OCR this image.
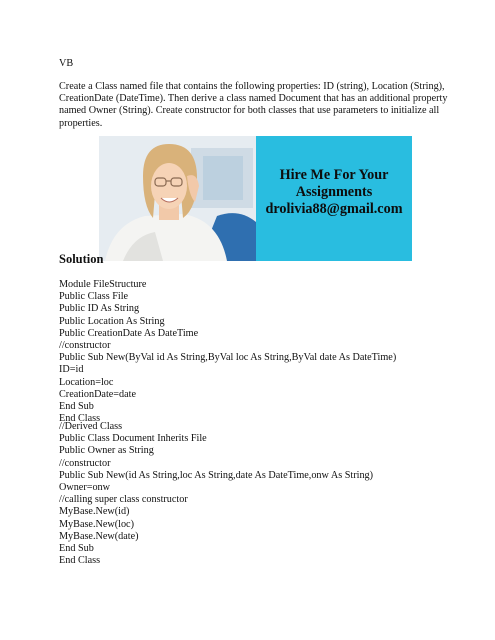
VB
Create a Class named file that contains the following properties: ID (string), Location (String),
CreationDate (DateTime). Then derive a class named Document that has an additional property
named Owner (String). Create constructor for both classes that use parameters to initialize all
properties.
Hire Me For Your
Assignments
drolivia88@gmail.com
Solution
Module FileStructure
Public Class File
Public ID As String
Public Location As String
Public CreationDate As DateTime
//constructor
Public Sub New(ByVal id As String,ByVal loc As String,ByVal date As DateTime)
ID=id
Location=loc
CreationDate=date
End Sub
End Class
//Derived Class
Public Class Document Inherits File
Public Owner as String
//constructor
Public Sub New(id As String,loc As String,date As DateTime,onw As String)
Owner=onw
//calling super class constructor
MyBase.New(id)
MyBase.New(loc)
MyBase.New(date)
End Sub
End Class
